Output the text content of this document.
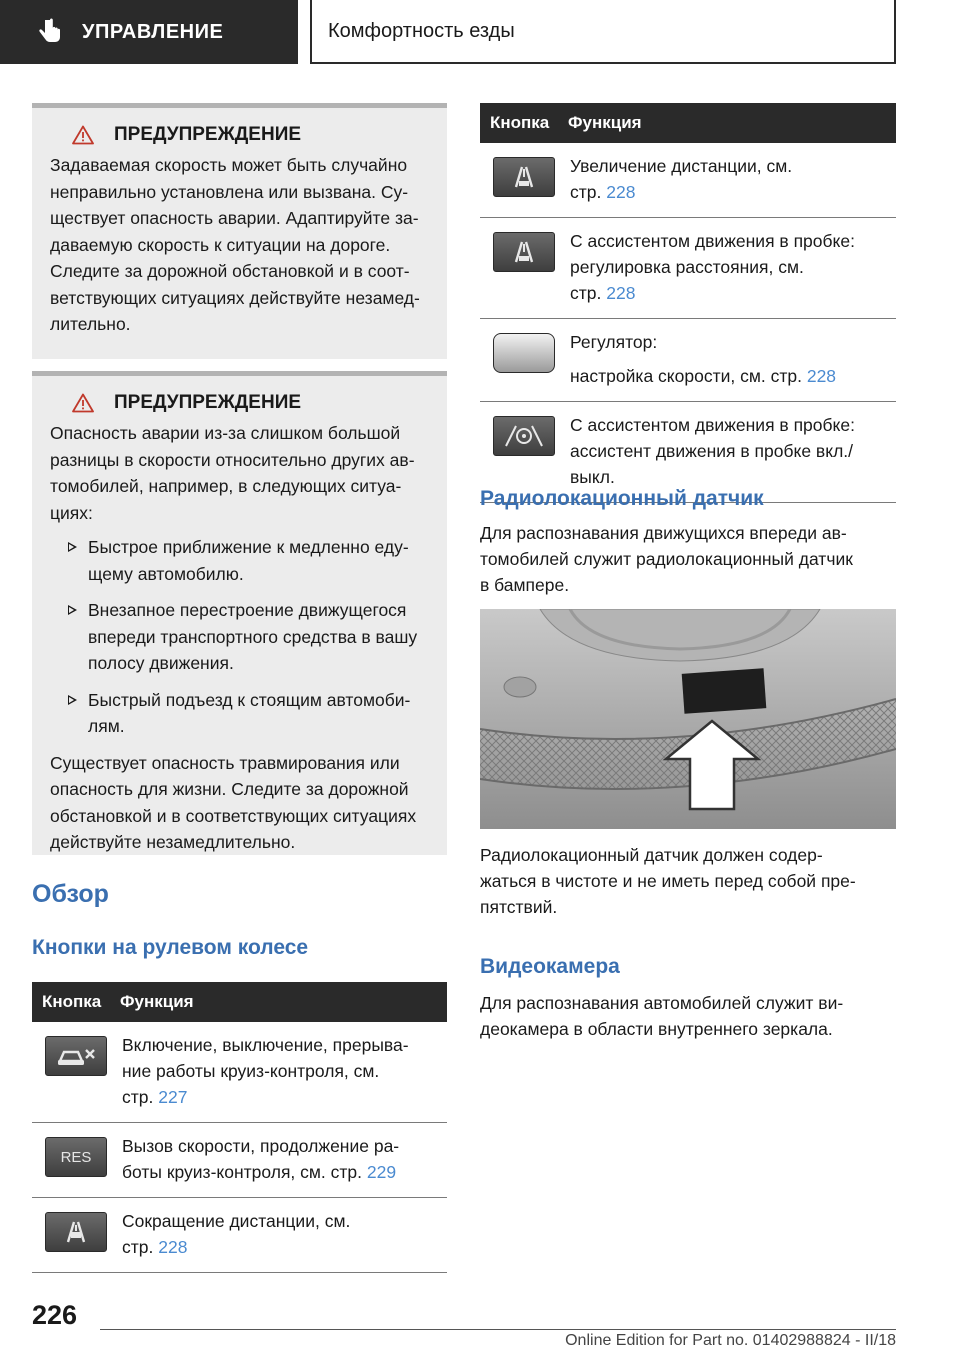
УПРАВЛЕНИЕ	Комфортность езды
ПРЕДУПРЕЖДЕНИЕ

Задаваемая скорость может быть случайно
неправильно установлена или вызвана. Су-
ществует опасность аварии. Адаптируйте за-
даваемую скорость к ситуации на дороге.
Следите за дорожной обстановкой и в соот-
ветствующих ситуациях действуйте незамед-
лительно.

ПРЕДУПРЕЖДЕНИЕ

Опасность аварии из-за слишком большой
разницы в скорости относительно других ав-
томобилей, например, в следующих ситуа-
циях:

Быстрое приближение к медленно еду-
щему автомобилю.
Внезапное перестроение движущегося
впереди транспортного средства в вашу
полосу движения.
Быстрый подъезд к стоящим автомоби-
лям.

Существует опасность травмирования или
опасность для жизни. Следите за дорожной
обстановкой и в соответствующих ситуациях
действуйте незамедлительно.

Обзор
Кнопки на рулевом колесе
Кнопка	Функция
Включение, выключение, прерыва-
ние работы круиз-контроля, см.
стр. 227
RES
Вызов скорости, продолжение ра-
боты круиз-контроля, см. стр. 229
Сокращение дистанции, см.
стр. 228
Кнопка	Функция
Увеличение дистанции, см.
стр. 228
С ассистентом движения в пробке:
регулировка расстояния, см.
стр. 228
Регулятор:
настройка скорости, см. стр. 228
С ассистентом движения в пробке:
ассистент движения в пробке вкл./
выкл.
Радиолокационный датчик

Для распознавания движущихся впереди ав-
томобилей служит радиолокационный датчик
в бампере.

Радиолокационный датчик должен содер-
жаться в чистоте и не иметь перед собой пре-
пятствий.

Видеокамера

Для распознавания автомобилей служит ви-
деокамера в области внутреннего зеркала.

226
Online Edition for Part no. 01402988824 - II/18
